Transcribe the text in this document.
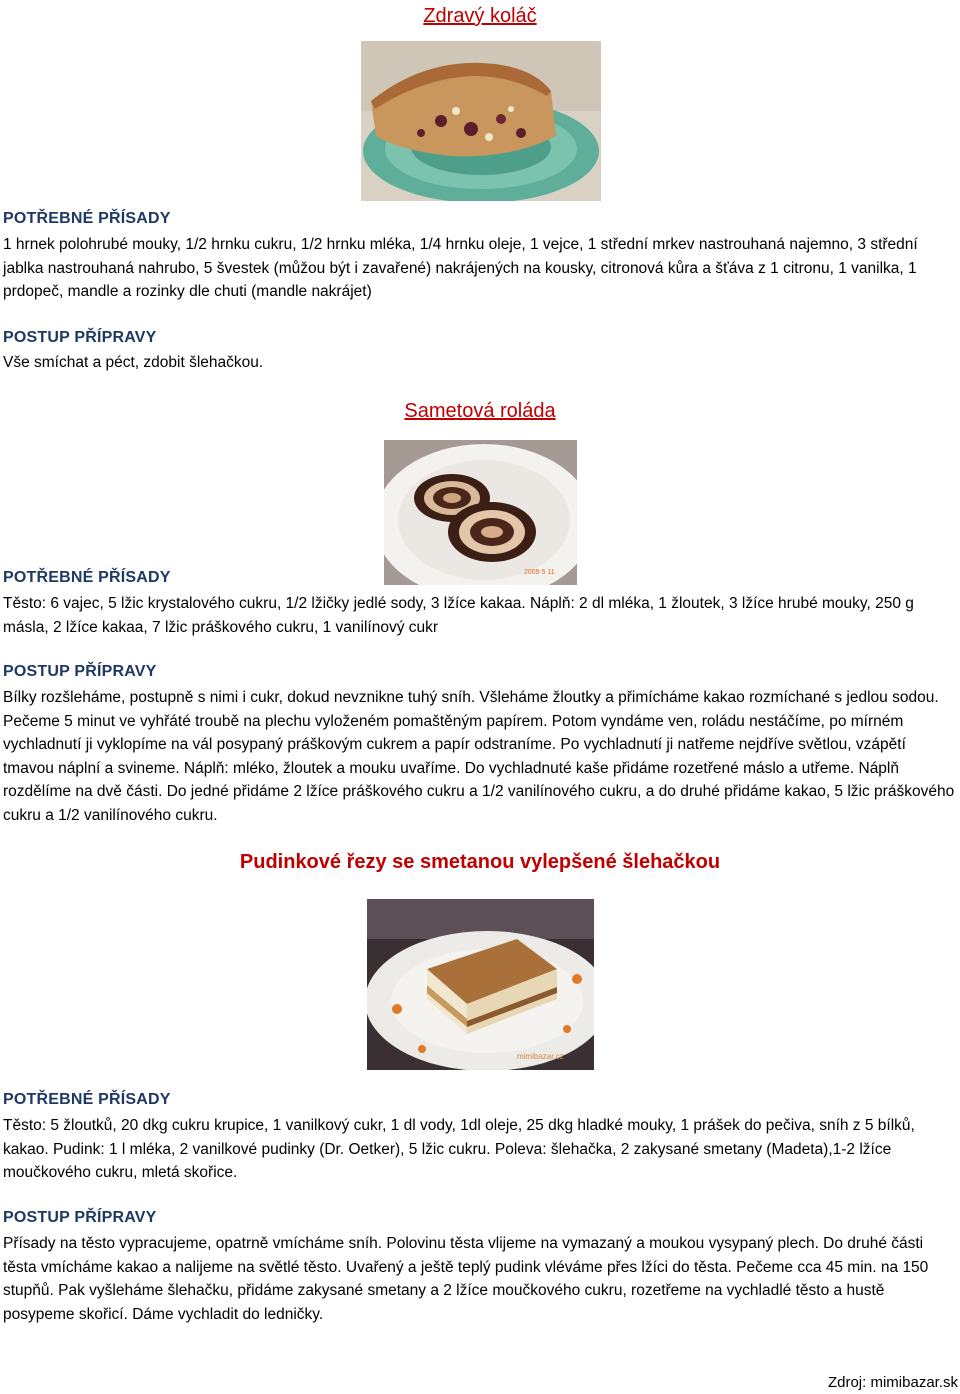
Zdravý koláč
POTŘEBNÉ PŘÍSADY

1 hrnek polohrubé mouky, 1/2 hrnku cukru, 1/2 hrnku mléka, 1/4 hrnku oleje, 1 vejce, 1 střední mrkev nastrouhaná najemno, 3 střední jablka nastrouhaná nahrubo, 5 švestek (můžou být i zavařené) nakrájených na kousky, citronová kůra a šťáva z 1 citronu, 1 vanilka, 1 prdopeč, mandle a rozinky dle chuti (mandle nakrájet)

POSTUP PŘÍPRAVY

Vše smíchat a péct, zdobit šlehačkou.

Sametová roláda
2009 5 11
POTŘEBNÉ PŘÍSADY

Těsto: 6 vajec, 5 lžic krystalového cukru, 1/2 lžičky jedlé sody, 3 lžíce kakaa. Náplň: 2 dl mléka, 1 žloutek, 3 lžíce hrubé mouky, 250 g másla, 2 lžíce kakaa, 7 lžic práškového cukru, 1 vanilínový cukr

POSTUP PŘÍPRAVY

Bílky rozšleháme, postupně s nimi i cukr, dokud nevznikne tuhý sníh. Všleháme žloutky a přimícháme kakao rozmíchané s jedlou sodou. Pečeme 5 minut ve vyhřáté troubě na plechu vyloženém pomaštěným papírem. Potom vyndáme ven, roládu nestáčíme, po mírném vychladnutí ji vyklopíme na vál posypaný práškovým cukrem a papír odstraníme. Po vychladnutí ji natřeme nejdříve světlou, vzápětí tmavou náplní a svineme. Náplň: mléko, žloutek a mouku uvaříme. Do vychladnuté kaše přidáme rozetřené máslo a utřeme. Náplň rozdělíme na dvě části. Do jedné přidáme 2 lžíce práškového cukru a 1/2 vanilínového cukru, a do druhé přidáme kakao, 5 lžic práškového cukru a 1/2 vanilínového cukru.

Pudinkové řezy se smetanou vylepšené šlehačkou
mimibazar.cz
POTŘEBNÉ PŘÍSADY

Těsto: 5 žloutků, 20 dkg cukru krupice, 1 vanilkový cukr, 1 dl vody, 1dl oleje, 25 dkg hladké mouky, 1 prášek do pečiva, sníh z 5 bílků, kakao. Pudink: 1 l mléka, 2 vanilkové pudinky (Dr. Oetker), 5 lžic cukru. Poleva: šlehačka, 2 zakysané smetany (Madeta),1-2 lžíce moučkového cukru, mletá skořice.

POSTUP PŘÍPRAVY

Přísady na těsto vypracujeme, opatrně vmícháme sníh. Polovinu těsta vlijeme na vymazaný a moukou vysypaný plech. Do druhé části těsta vmícháme kakao a nalijeme na světlé těsto. Uvařený a ještě teplý pudink vléváme přes lžíci do těsta. Pečeme cca 45 min. na 150 stupňů. Pak vyšleháme šlehačku, přidáme zakysané smetany a 2 lžíce moučkového cukru, rozetřeme na vychladlé těsto a hustě posypeme skořicí. Dáme vychladit do ledničky.

Zdroj: mimibazar.sk
